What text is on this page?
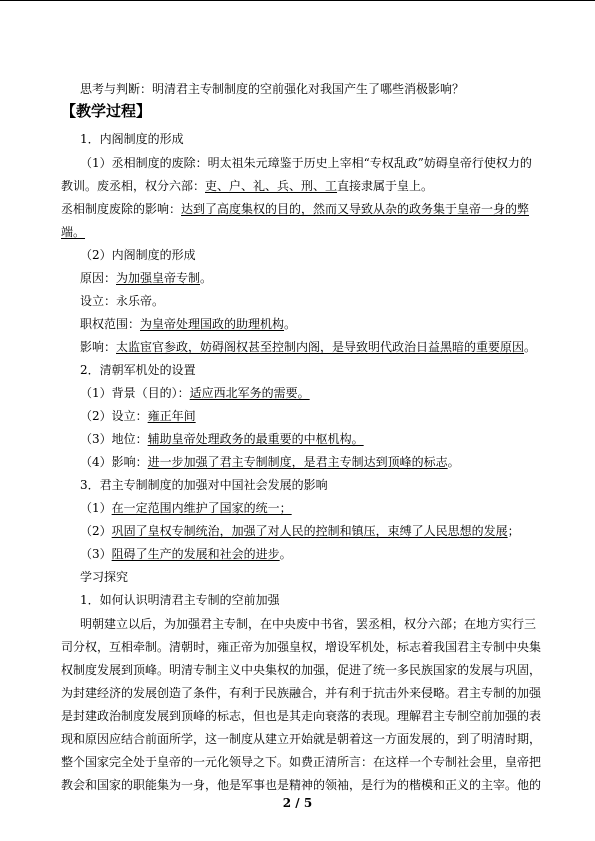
思考与判断：明清君主专制制度的空前强化对我国产生了哪些消极影响？
【教学过程】
1．内阁制度的形成
（1）丞相制度的废除：明太祖朱元璋鉴于历史上宰相“专权乱政”妨碍皇帝行使权力的
教训。废丞相，权分六部：吏、户、礼、兵、刑、工直接隶属于皇上。
丞相制度废除的影响：达到了高度集权的目的，然而又导致从杂的政务集于皇帝一身的弊
端。
（2）内阁制度的形成
原因：为加强皇帝专制。
设立：永乐帝。
职权范围：为皇帝处理国政的助理机构。
影响：太监宦官参政，妨碍阁权甚至控制内阁，是导致明代政治日益黑暗的重要原因。
2．清朝军机处的设置
（1）背景（目的）：适应西北军务的需要。
（2）设立：雍正年间
（3）地位：辅助皇帝处理政务的最重要的中枢机构。
（4）影响：进一步加强了君主专制制度，是君主专制达到顶峰的标志。
3．君主专制制度的加强对中国社会发展的影响
（1）在一定范围内维护了国家的统一；
（2）巩固了皇权专制统治，加强了对人民的控制和镇压，束缚了人民思想的发展；
（3）阻碍了生产的发展和社会的进步。
学习探究
1．如何认识明清君主专制的空前加强
明朝建立以后，为加强君主专制，在中央废中书省，罢丞相，权分六部；在地方实行三
司分权，互相牵制。清朝时，雍正帝为加强皇权，增设军机处，标志着我国君主专制中央集
权制度发展到顶峰。明清专制主义中央集权的加强，促进了统一多民族国家的发展与巩固，
为封建经济的发展创造了条件，有利于民族融合，并有利于抗击外来侵略。君主专制的加强
是封建政治制度发展到顶峰的标志，但也是其走向衰落的表现。理解君主专制空前加强的表
现和原因应结合前面所学，这一制度从建立开始就是朝着这一方面发展的，到了明清时期，
整个国家完全处于皇帝的一元化领导之下。如费正清所言：在这样一个专制社会里，皇帝把
教会和国家的职能集为一身，他是军事也是精神的领袖，是行为的楷模和正义的主宰。他的
2 / 5
